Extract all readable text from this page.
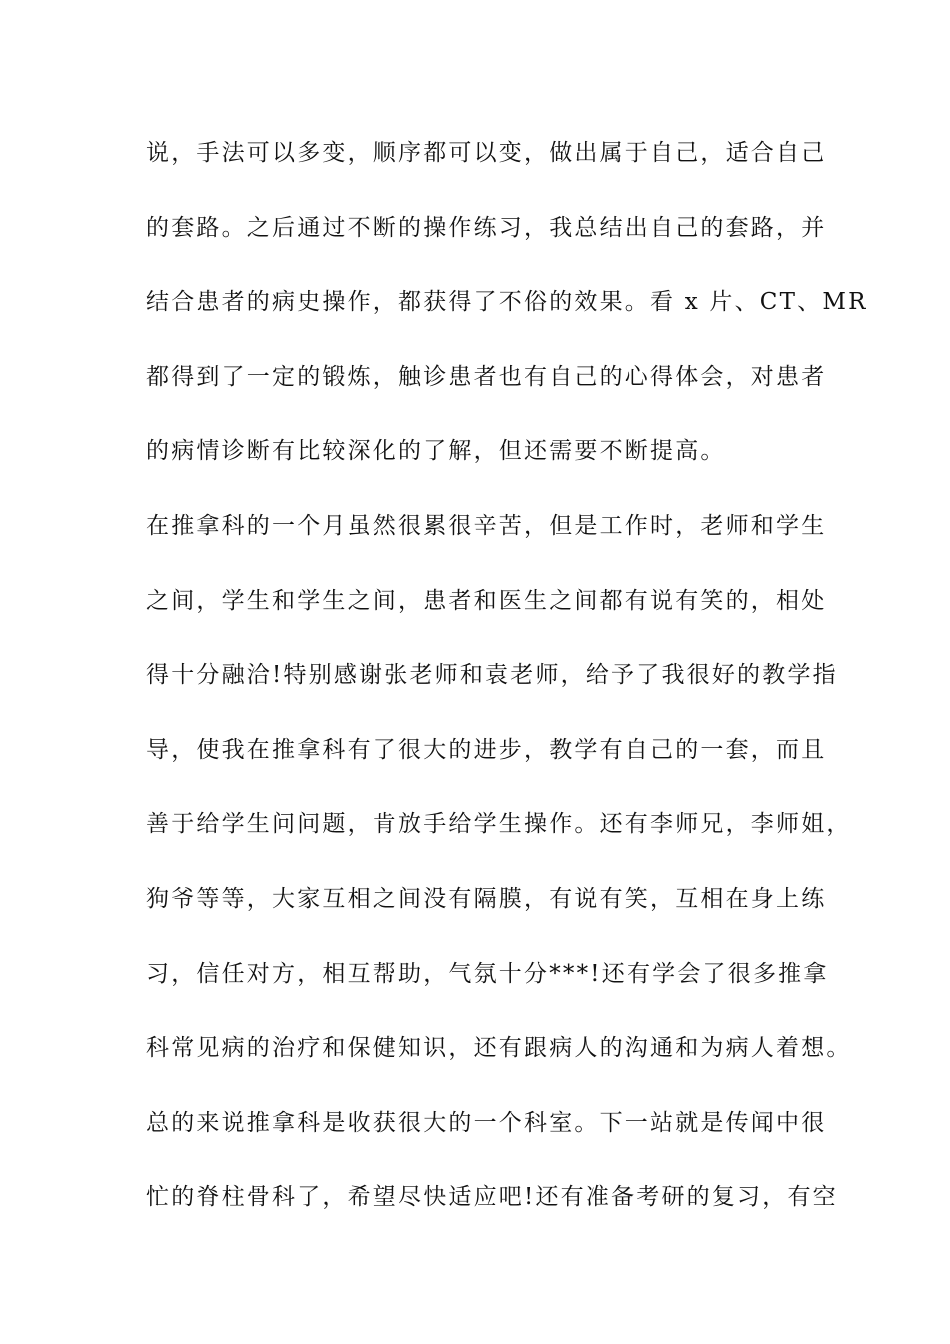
说，手法可以多变，顺序都可以变，做出属于自己，适合自己
的套路。之后通过不断的操作练习，我总结出自己的套路，并
结合患者的病史操作，都获得了不俗的效果。看 x 片、CT、MR
都得到了一定的锻炼，触诊患者也有自己的心得体会，对患者
的病情诊断有比较深化的了解，但还需要不断提高。
在推拿科的一个月虽然很累很辛苦，但是工作时，老师和学生
之间，学生和学生之间，患者和医生之间都有说有笑的，相处
得十分融洽!特别感谢张老师和袁老师，给予了我很好的教学指
导，使我在推拿科有了很大的进步，教学有自己的一套，而且
善于给学生问问题，肯放手给学生操作。还有李师兄，李师姐，
狗爷等等，大家互相之间没有隔膜，有说有笑，互相在身上练
习，信任对方，相互帮助，气氛十分***!还有学会了很多推拿
科常见病的治疗和保健知识，还有跟病人的沟通和为病人着想。
总的来说推拿科是收获很大的一个科室。下一站就是传闻中很
忙的脊柱骨科了，希望尽快适应吧!还有准备考研的复习，有空
